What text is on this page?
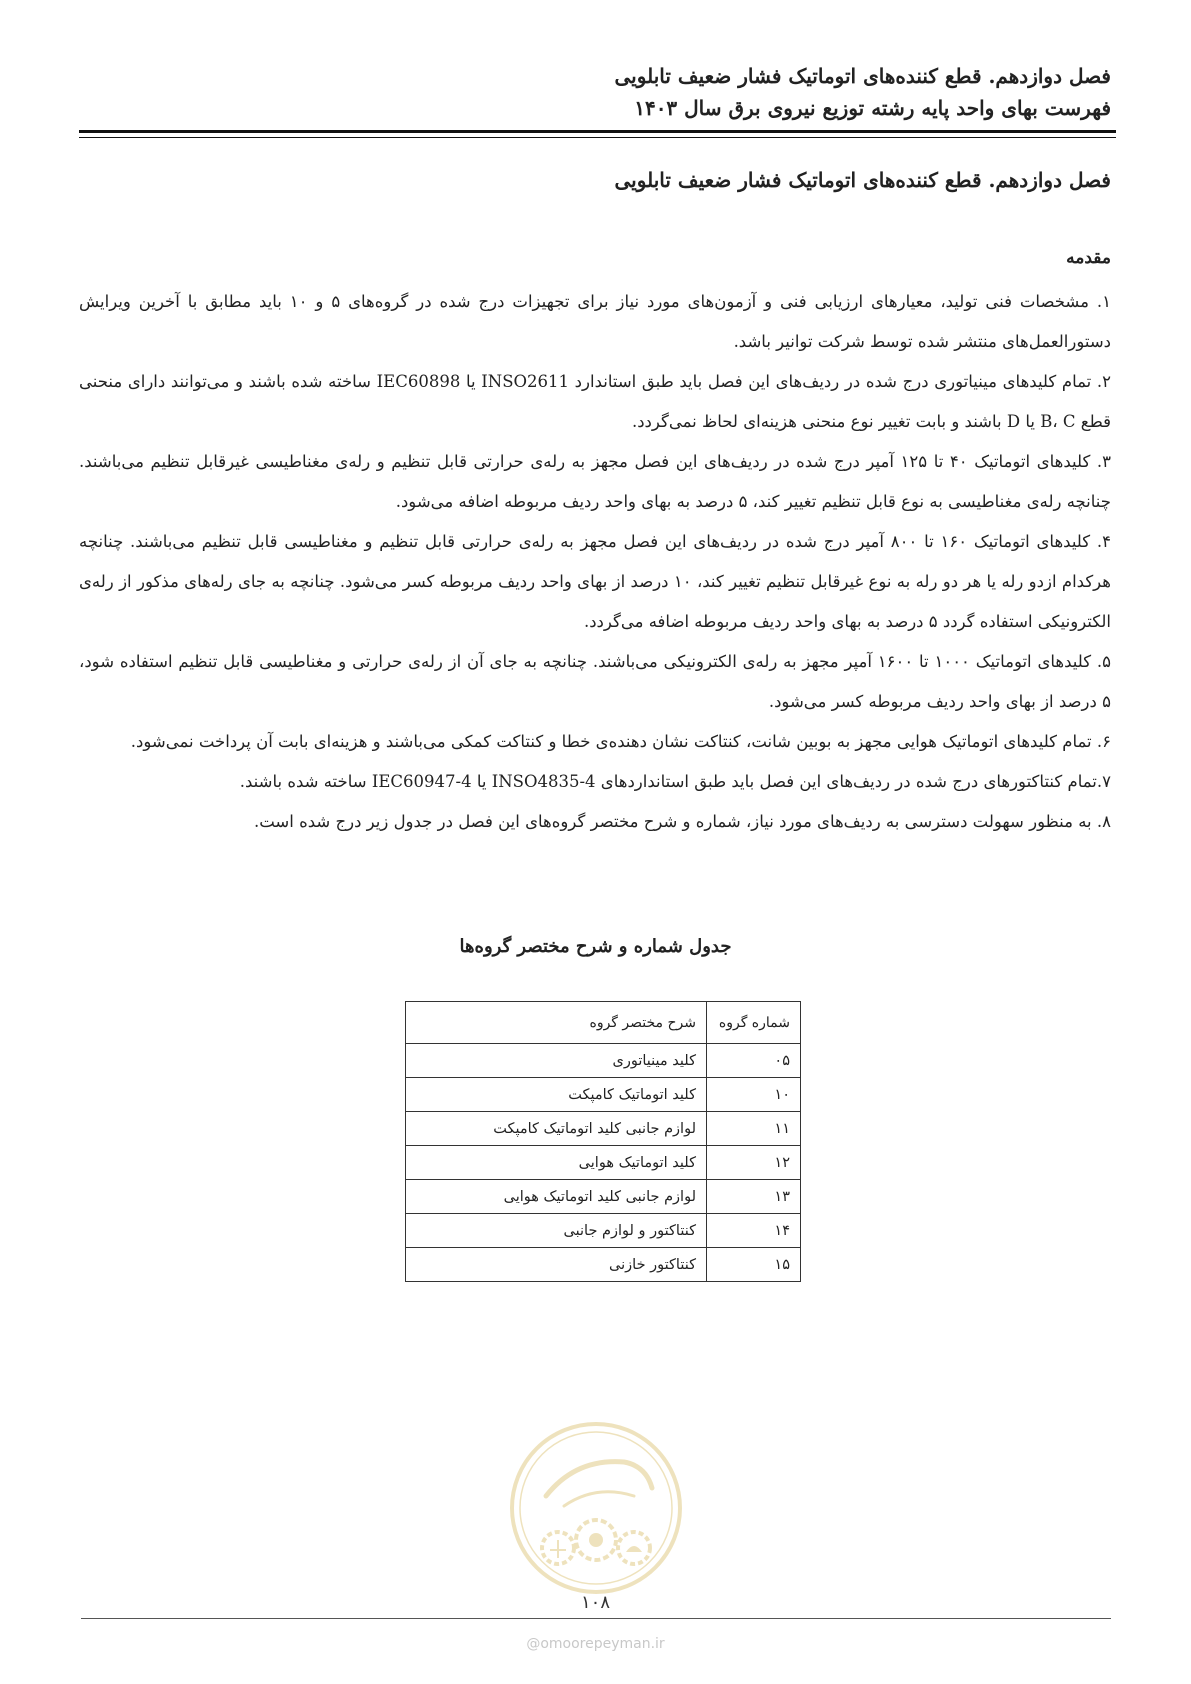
فصل دوازدهم. قطع کننده‌های اتوماتیک فشار ضعیف تابلویی
فهرست بهای واحد پایه رشته توزیع نیروی برق سال ۱۴۰۳
فصل دوازدهم. قطع کننده‌های اتوماتیک فشار ضعیف تابلویی
مقدمه

۱. مشخصات فنی تولید، معیارهای ارزیابی فنی و آزمون‌های مورد نیاز برای تجهیزات درج شده در گروه‌های ۵ و ۱۰ باید مطابق با آخرین ویرایش دستورالعمل‌های منتشر شده توسط شرکت توانیر باشد.

۲. تمام کلیدهای مینیاتوری درج شده در ردیف‌های این فصل باید طبق استاندارد INSO2611 یا IEC60898 ساخته شده باشند و می‌توانند دارای منحنی قطع B، C یا D باشند و بابت تغییر نوع منحنی هزینه‌ای لحاظ نمی‌گردد.

۳. کلیدهای اتوماتیک ۴۰ تا ۱۲۵ آمپر درج شده در ردیف‌های این فصل مجهز به رله‌ی حرارتی قابل تنظیم و رله‌ی مغناطیسی غیرقابل تنظیم می‌باشند. چنانچه رله‌ی مغناطیسی به نوع قابل تنظیم تغییر کند، ۵ درصد به بهای واحد ردیف مربوطه اضافه می‌شود.

۴. کلیدهای اتوماتیک ۱۶۰ تا ۸۰۰ آمپر درج شده در ردیف‌های این فصل مجهز به رله‌ی حرارتی قابل تنظیم و مغناطیسی قابل تنظیم می‌باشند. چنانچه هرکدام ازدو رله یا هر دو رله به نوع غیرقابل تنظیم تغییر کند، ۱۰ درصد از بهای واحد ردیف مربوطه کسر می‌شود. چنانچه به جای رله‌های مذکور از رله‌ی الکترونیکی استفاده گردد ۵ درصد به بهای واحد ردیف مربوطه اضافه می‌گردد.

۵. کلیدهای اتوماتیک ۱۰۰۰ تا ۱۶۰۰ آمپر مجهز به رله‌ی الکترونیکی می‌باشند. چنانچه به جای آن از رله‌ی حرارتی و مغناطیسی قابل تنظیم استفاده شود، ۵ درصد از بهای واحد ردیف مربوطه کسر می‌شود.

۶. تمام کلیدهای اتوماتیک هوایی مجهز به بوبین شانت، کنتاکت نشان دهنده‌ی خطا و کنتاکت کمکی می‌باشند و هزینه‌ای بابت آن پرداخت نمی‌شود.

۷.تمام کنتاکتورهای درج شده در ردیف‌های این فصل باید طبق استانداردهای INSO4835-4 یا IEC60947-4 ساخته شده باشند.

۸. به منظور سهولت دسترسی به ردیف‌های مورد نیاز، شماره و شرح مختصر گروه‌های این فصل در جدول زیر درج شده است.

جدول شماره و شرح مختصر گروه‌ها
شماره گروه	شرح مختصر گروه
۰۵	کلید مینیاتوری
۱۰	کلید اتوماتیک کامپکت
۱۱	لوازم جانبی کلید اتوماتیک کامپکت
۱۲	کلید اتوماتیک هوایی
۱۳	لوازم جانبی کلید اتوماتیک هوایی
۱۴	کنتاکتور و لوازم جانبی
۱۵	کنتاکتور خازنی
۱۰۸
@omoorepeyman.ir
